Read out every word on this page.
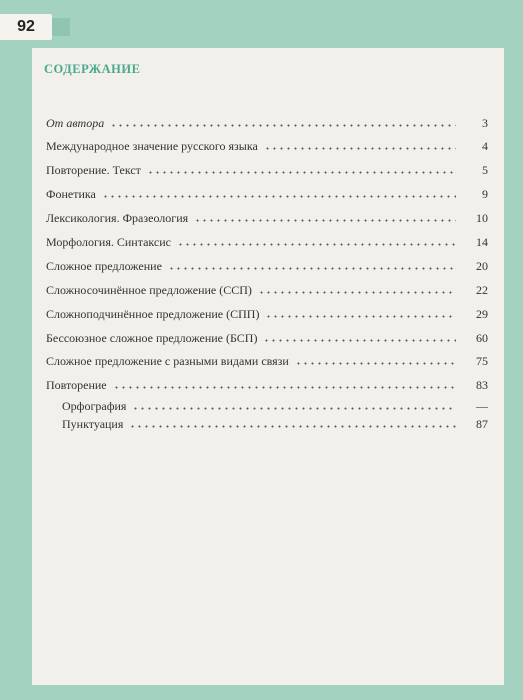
92
СОДЕРЖАНИЕ
От автора	3
Международное значение русского языка	4
Повторение. Текст	5
Фонетика	9
Лексикология. Фразеология	10
Морфология. Синтаксис	14
Сложное предложение	20
Сложносочинённое предложение (ССП)	22
Сложноподчинённое предложение (СПП)	29
Бессоюзное сложное предложение (БСП)	60
Сложное предложение с разными видами связи	75
Повторение	83
Орфография	—
Пунктуация	87
